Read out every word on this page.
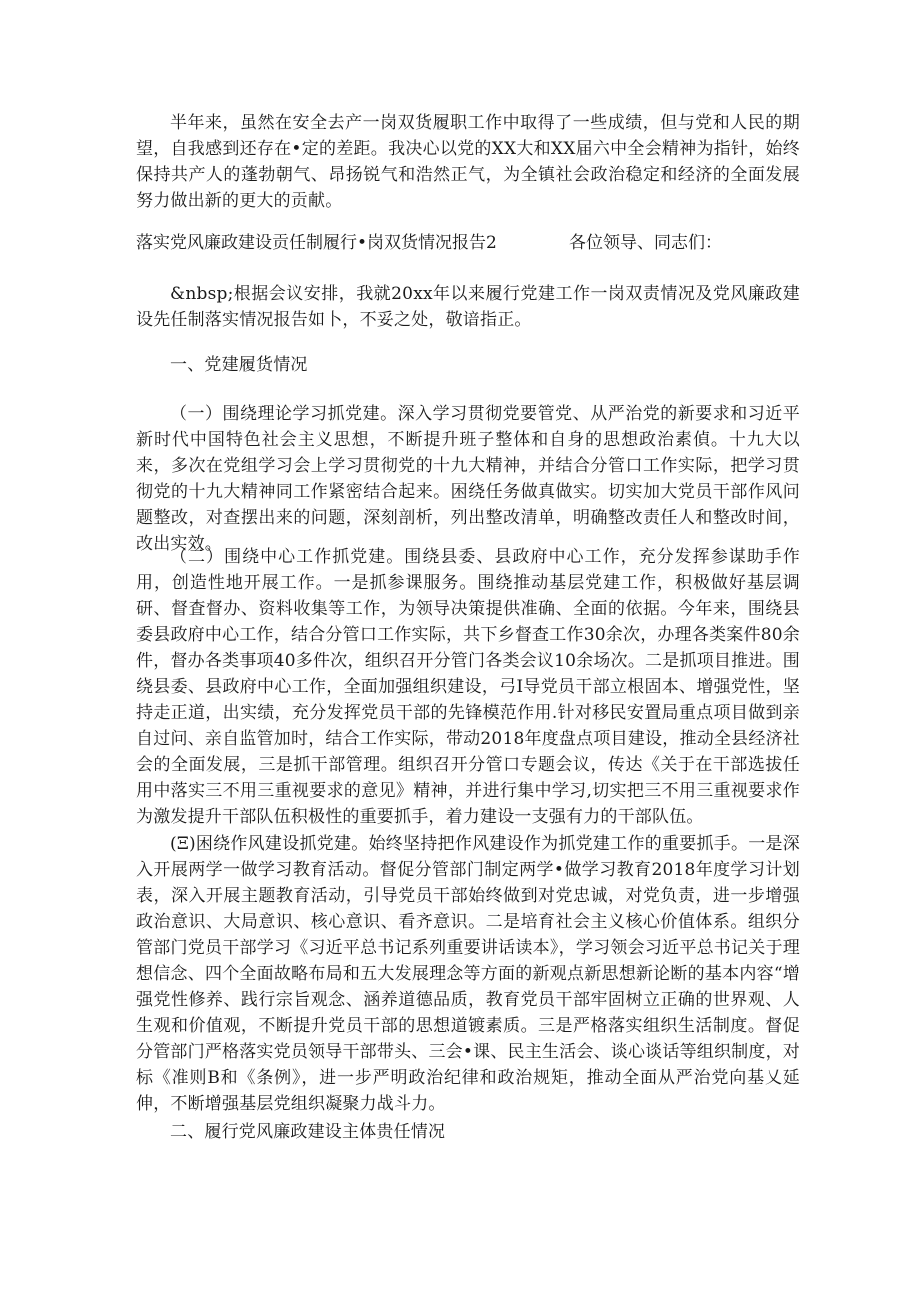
半年来，虽然在安全去产一岗双货履职工作中取得了一些成绩，但与党和人民的期望，自我感到还存在•定的差距。我决心以党的XX大和XX届六中全会精神为指针，始终保持共产人的蓬勃朝气、昂扬锐气和浩然正气，为全镇社会政治稳定和经济的全面发展努力做出新的更大的贡献。

落实党风廉政建设贡任制履行•岗双货情况报告2	各位领导、同志们：

&nbsp;根据会议安排，我就20xx年以来履行党建工作一岗双责情况及党风廉政建设先任制落实情况报告如卜，不妥之处，敬谙指正。

一、党建履货情况

（一）围绕理论学习抓党建。深入学习贯彻党要管党、从严治党的新要求和习近平新时代中国特色社会主义思想，不断提升班子整体和自身的思想政治素偵。十九大以来，多次在党组学习会上学习贯彻党的十九大精神，并结合分管口工作实际，把学习贯彻党的十九大精神同工作紧密结合起来。困绕任务做真做实。切实加大党员干部作风问题整改，对查摆出来的问题，深刻剖析，列出整改清单，明确整改责任人和整改时间，改出实效。

（二）围绕中心工作抓党建。围绕县委、县政府中心工作，充分发挥参谋助手作用，创造性地开展工作。一是抓参课服务。围绕推动基层党建工作，积极做好基层调研、督査督办、资料收集等工作，为领导决策提供准确、全面的依据。今年来，围绕县委县政府中心工作，结合分管口工作实际，共下乡督查工作30余次，办理各类案件80余件，督办各类事项40多件次，组织召开分管门各类会议10余场次。二是抓项目推进。围绕县委、县政府中心工作，全面加强组织建设，弓I导党员干部立根固本、增强党性，坚持走正道，出实绩，充分发挥党员干部的先锋模范作用.针对移民安置局重点项目做到亲自过问、亲自监管加时，结合工作实际，带动2018年度盘点项目建设，推动全县经济社会的全面发展，三是抓干部管理。组织召开分管口专题会议，传达《关于在干部选拔任用中落实三不用三重视要求的意见》精神，并进行集中学习,切实把三不用三重视要求作为激发提升干部队伍积极性的重要抓手，着力建设一支强有力的干部队伍。

(Ξ)困绕作风建设抓党建。始终坚持把作风建设作为抓党建工作的重要抓手。一是深入开展两学一做学习教育活动。督促分管部门制定两学•做学习教育2018年度学习计划表，深入开展主题教育活动，引导党员干部始终做到对党忠诚，对党负责，进一步增强政治意识、大局意识、核心意识、看齐意识。二是培育社会主义核心价值体系。组织分管部门党员干部学习《习近平总书记系列重要讲话读本》，学习领会习近平总书记关于理想信念、四个全面故略布局和五大发展理念等方面的新观点新思想新论断的基本内容“增强党性修养、践行宗旨观念、涵养道德品质，教育党员干部牢固树立正确的世界观、人生观和价值观，不断提升党员干部的思想道镀素质。三是严格落实组织生活制度。督促分管部门严格落实党员领导干部带头、三会•课、民主生活会、谈心谈话等组织制度，对标《准则B和《条例》，进一步严明政治纪律和政治规矩，推动全面从严治党向基乂延伸，不断增强基层党组织凝聚力战斗力。

二、履行党风廉政建设主体贵任情况
